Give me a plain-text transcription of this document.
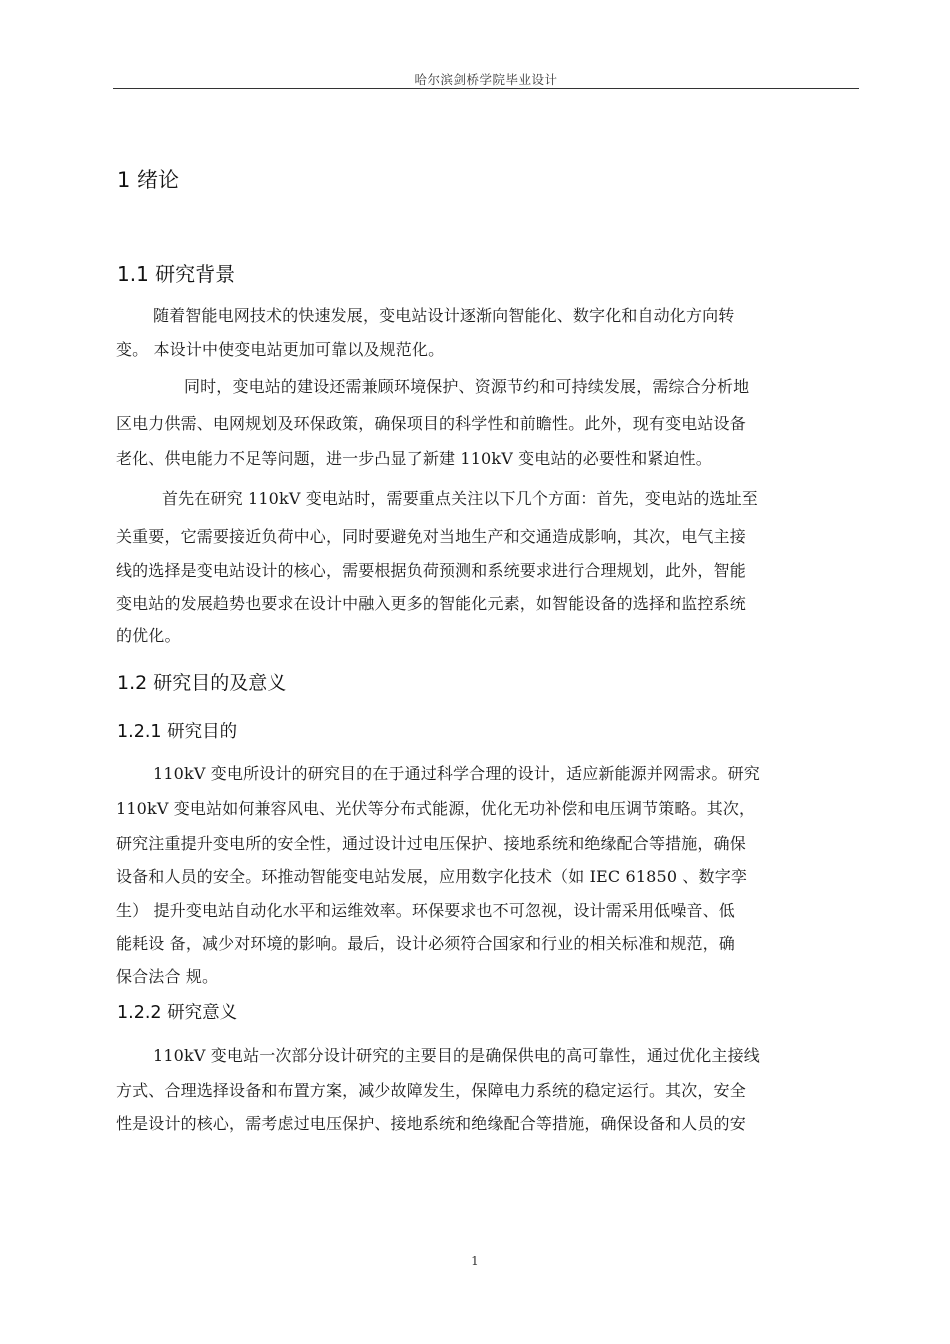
哈尔滨剑桥学院毕业设计
1 绪论
1.1 研究背景
随着智能电网技术的快速发展，变电站设计逐渐向智能化、数字化和自动化方向转
变。 本设计中使变电站更加可靠以及规范化。
同时，变电站的建设还需兼顾环境保护、资源节约和可持续发展，需综合分析地
区电力供需、电网规划及环保政策，确保项目的科学性和前瞻性。此外，现有变电站设备
老化、供电能力不足等问题，进一步凸显了新建 110kV 变电站的必要性和紧迫性。
首先在研究 110kV 变电站时，需要重点关注以下几个方面：首先，变电站的选址至
关重要，它需要接近负荷中心，同时要避免对当地生产和交通造成影响，其次，电气主接
线的选择是变电站设计的核心，需要根据负荷预测和系统要求进行合理规划，此外，智能
变电站的发展趋势也要求在设计中融入更多的智能化元素，如智能设备的选择和监控系统
的优化。
1.2 研究目的及意义
1.2.1 研究目的
110kV 变电所设计的研究目的在于通过科学合理的设计，适应新能源并网需求。研究
110kV 变电站如何兼容风电、光伏等分布式能源，优化无功补偿和电压调节策略。其次，
研究注重提升变电所的安全性，通过设计过电压保护、接地系统和绝缘配合等措施，确保
设备和人员的安全。环推动智能变电站发展，应用数字化技术（如 IEC 61850 、数字孪
生） 提升变电站自动化水平和运维效率。环保要求也不可忽视，设计需采用低噪音、低
能耗设 备，减少对环境的影响。最后，设计必须符合国家和行业的相关标准和规范，确
保合法合 规。
1.2.2 研究意义
110kV 变电站一次部分设计研究的主要目的是确保供电的高可靠性，通过优化主接线
方式、合理选择设备和布置方案，减少故障发生，保障电力系统的稳定运行。其次，安全
性是设计的核心，需考虑过电压保护、接地系统和绝缘配合等措施，确保设备和人员的安
1
